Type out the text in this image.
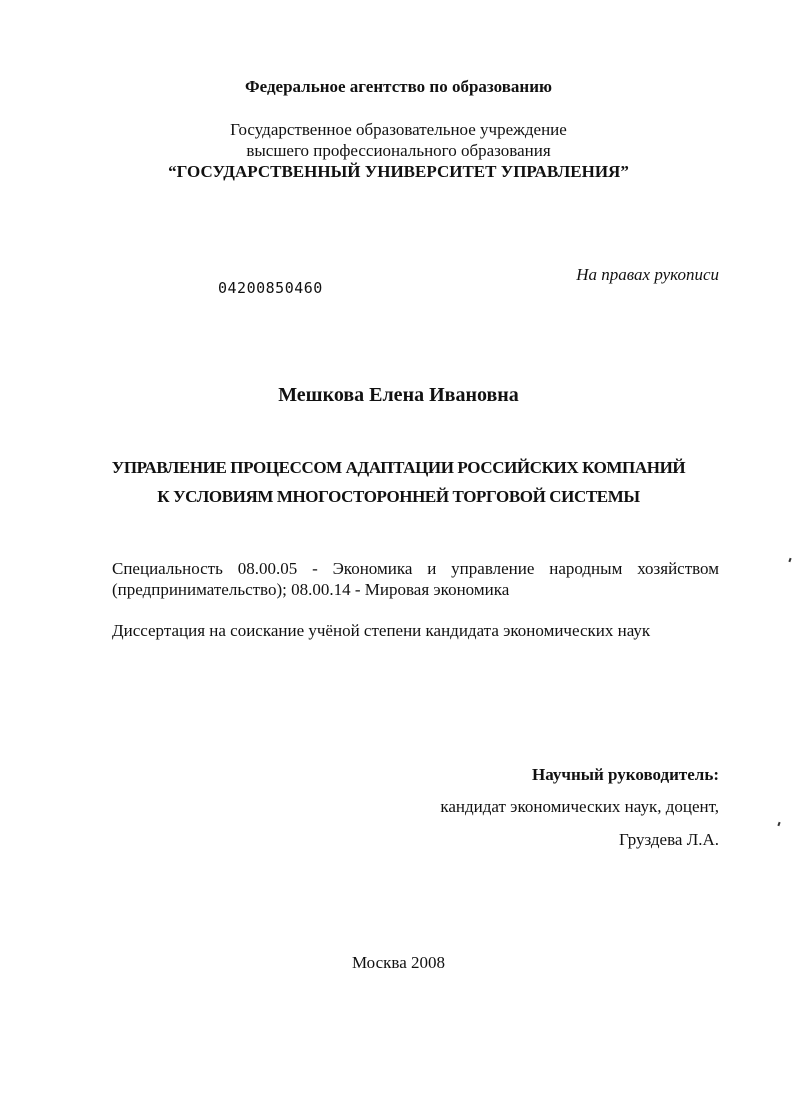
Федеральное агентство по образованию
Государственное образовательное учреждение
высшего профессионального образования
“ГОСУДАРСТВЕННЫЙ УНИВЕРСИТЕТ УПРАВЛЕНИЯ”
04200850460
На правах рукописи
Мешкова Елена Ивановна
УПРАВЛЕНИЕ ПРОЦЕССОМ АДАПТАЦИИ РОССИЙСКИХ КОМПАНИЙ
К УСЛОВИЯМ МНОГОСТОРОННЕЙ ТОРГОВОЙ СИСТЕМЫ
Специальность 08.00.05 - Экономика и управление народным хозяйством (предпринимательство); 08.00.14 - Мировая экономика
Диссертация на соискание учёной степени кандидата экономических наук
Научный руководитель:
кандидат экономических наук, доцент,
Груздева Л.А.
Москва 2008
